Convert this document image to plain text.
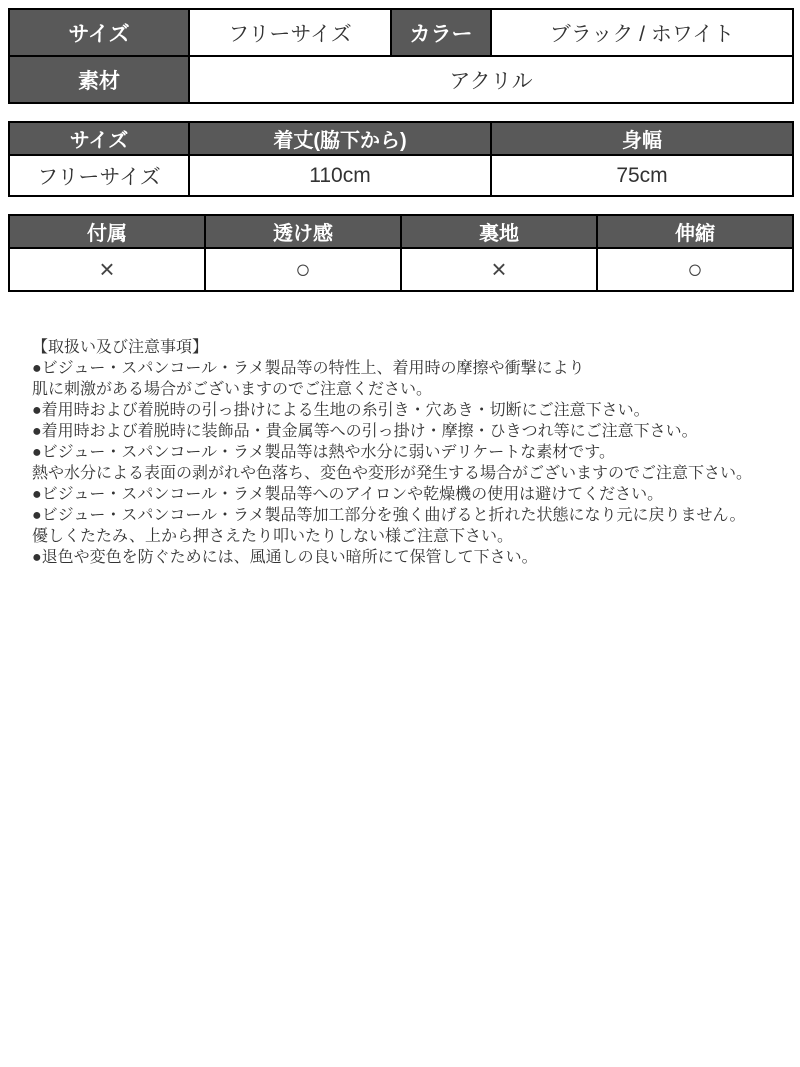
サイズ	フリーサイズ	カラー	ブラック / ホワイト
素材	アクリル		
サイズ	着丈(脇下から)	身幅
フリーサイズ	110cm	75cm
付属	透け感	裏地	伸縮
×	○	×	○
【取扱い及び注意事項】
●ビジュー・スパンコール・ラメ製品等の特性上、着用時の摩擦や衝撃により
肌に刺激がある場合がございますのでご注意ください。
●着用時および着脱時の引っ掛けによる生地の糸引き・穴あき・切断にご注意下さい。
●着用時および着脱時に装飾品・貴金属等への引っ掛け・摩擦・ひきつれ等にご注意下さい。
●ビジュー・スパンコール・ラメ製品等は熱や水分に弱いデリケートな素材です。
熱や水分による表面の剥がれや色落ち、変色や変形が発生する場合がございますのでご注意下さい。
●ビジュー・スパンコール・ラメ製品等へのアイロンや乾燥機の使用は避けてください。
●ビジュー・スパンコール・ラメ製品等加工部分を強く曲げると折れた状態になり元に戻りません。
優しくたたみ、上から押さえたり叩いたりしない様ご注意下さい。
●退色や変色を防ぐためには、風通しの良い暗所にて保管して下さい。
